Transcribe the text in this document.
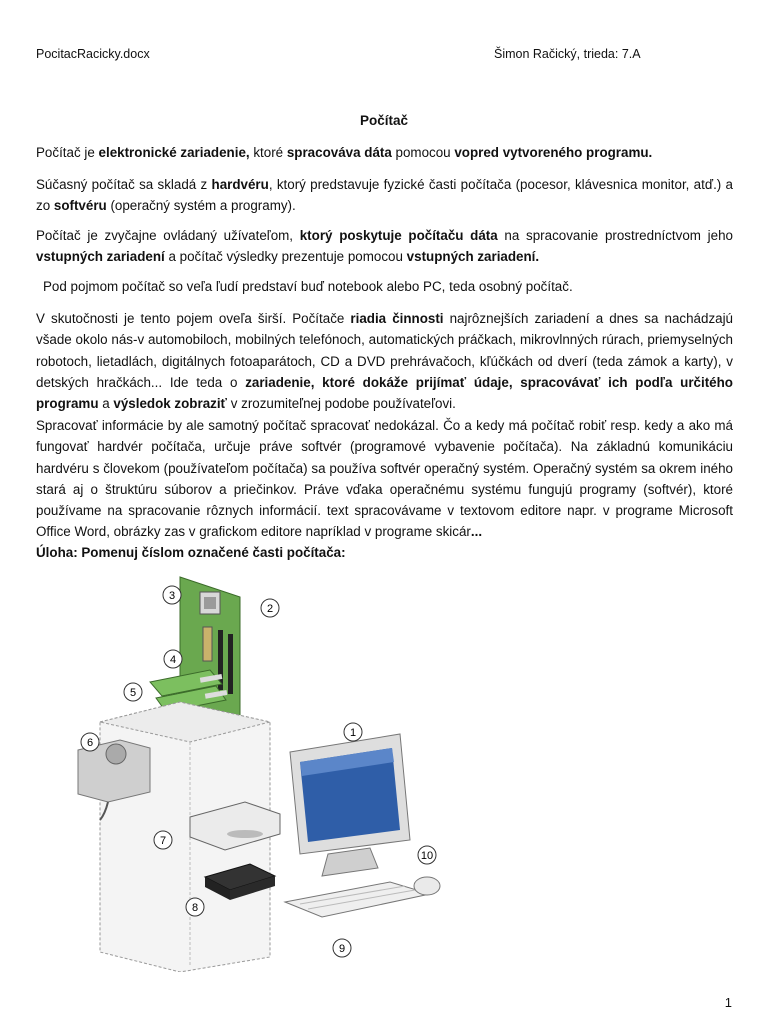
PocitacRacicky.docx	Šimon Račický, trieda: 7.A
Počítač

Počítač je elektronické zariadenie, ktoré spracováva dáta pomocou vopred vytvoreného programu.

Súčasný počítač sa skladá z hardvéru, ktorý predstavuje fyzické časti počítača (pocesor, klávesnica monitor, atď.) a zo softvéru (operačný systém a programy).

Počítač je zvyčajne ovládaný užívateľom, ktorý poskytuje počítaču dáta na spracovanie prostredníctvom jeho vstupných zariadení a počítač výsledky prezentuje pomocou vstupných zariadení.

Pod pojmom počítač so veľa ľudí predstaví buď notebook alebo PC, teda osobný počítač.

V skutočnosti je tento pojem oveľa širší. Počítače riadia činnosti najrôznejších zariadení a dnes sa nachádzajú všade okolo nás-v automobiloch, mobilných telefónoch, automatických práčkach, mikrovlnných rúrach, priemyselných robotoch, lietadlách, digitálnych fotoaparátoch, CD a DVD prehrávačoch, kľúčkách od dverí (teda zámok a karty), v detských hračkách... Ide teda o zariadenie, ktoré dokáže prijímať údaje, spracovávať ich podľa určitého programu a výsledok zobraziť v zrozumiteľnej podobe používateľovi.

Spracovať informácie by ale samotný počítač spracovať nedokázal. Čo a kedy má počítač robiť resp. kedy a ako má fungovať hardvér počítača, určuje práve softvér (programové vybavenie počítača). Na základnú komunikáciu hardvéru s človekom (používateľom počítača) sa používa softvér operačný systém. Operačný systém sa okrem iného stará aj o štruktúru súborov a priečinkov. Práve vďaka operačnému systému fungujú programy (softvér), ktoré používame na spracovanie rôznych informácií. text spracovávame v textovom editore napr. v programe Microsoft Office Word, obrázky zas v grafickom editore napríklad v programe skicár...

Úloha: Pomenuj číslom označené časti počítača:

1
2
3
4
5
6
7
8
9
10
1
